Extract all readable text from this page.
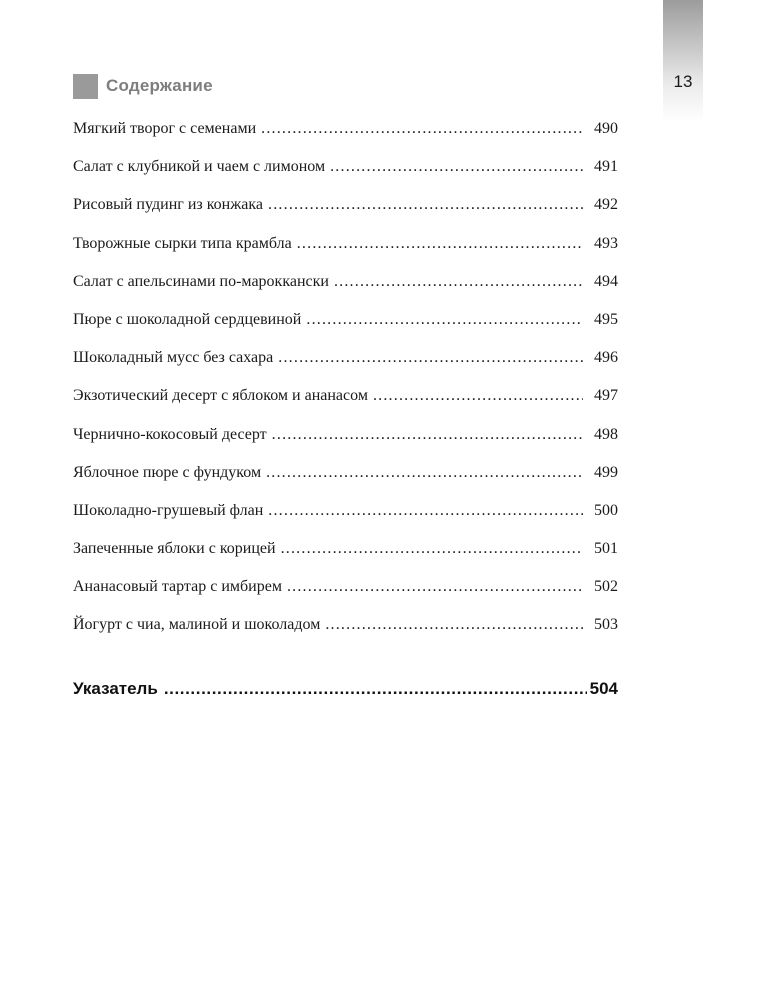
13
Содержание
Мягкий творог с семенами .....	490
Салат с клубникой и чаем с лимоном .....	491
Рисовый пудинг из конжака .....	492
Творожные сырки типа крамбла .....	493
Салат с апельсинами по-мароккански .....	494
Пюре с шоколадной сердцевиной .....	495
Шоколадный мусс без сахара .....	496
Экзотический десерт с яблоком и ананасом .....	497
Чернично-кокосовый десерт .....	498
Яблочное пюре с фундуком .....	499
Шоколадно-грушевый флан .....	500
Запеченные яблоки с корицей .....	501
Ананасовый тартар с имбирем .....	502
Йогурт с чиа, малиной и шоколадом .....	503
Указатель .....	504
